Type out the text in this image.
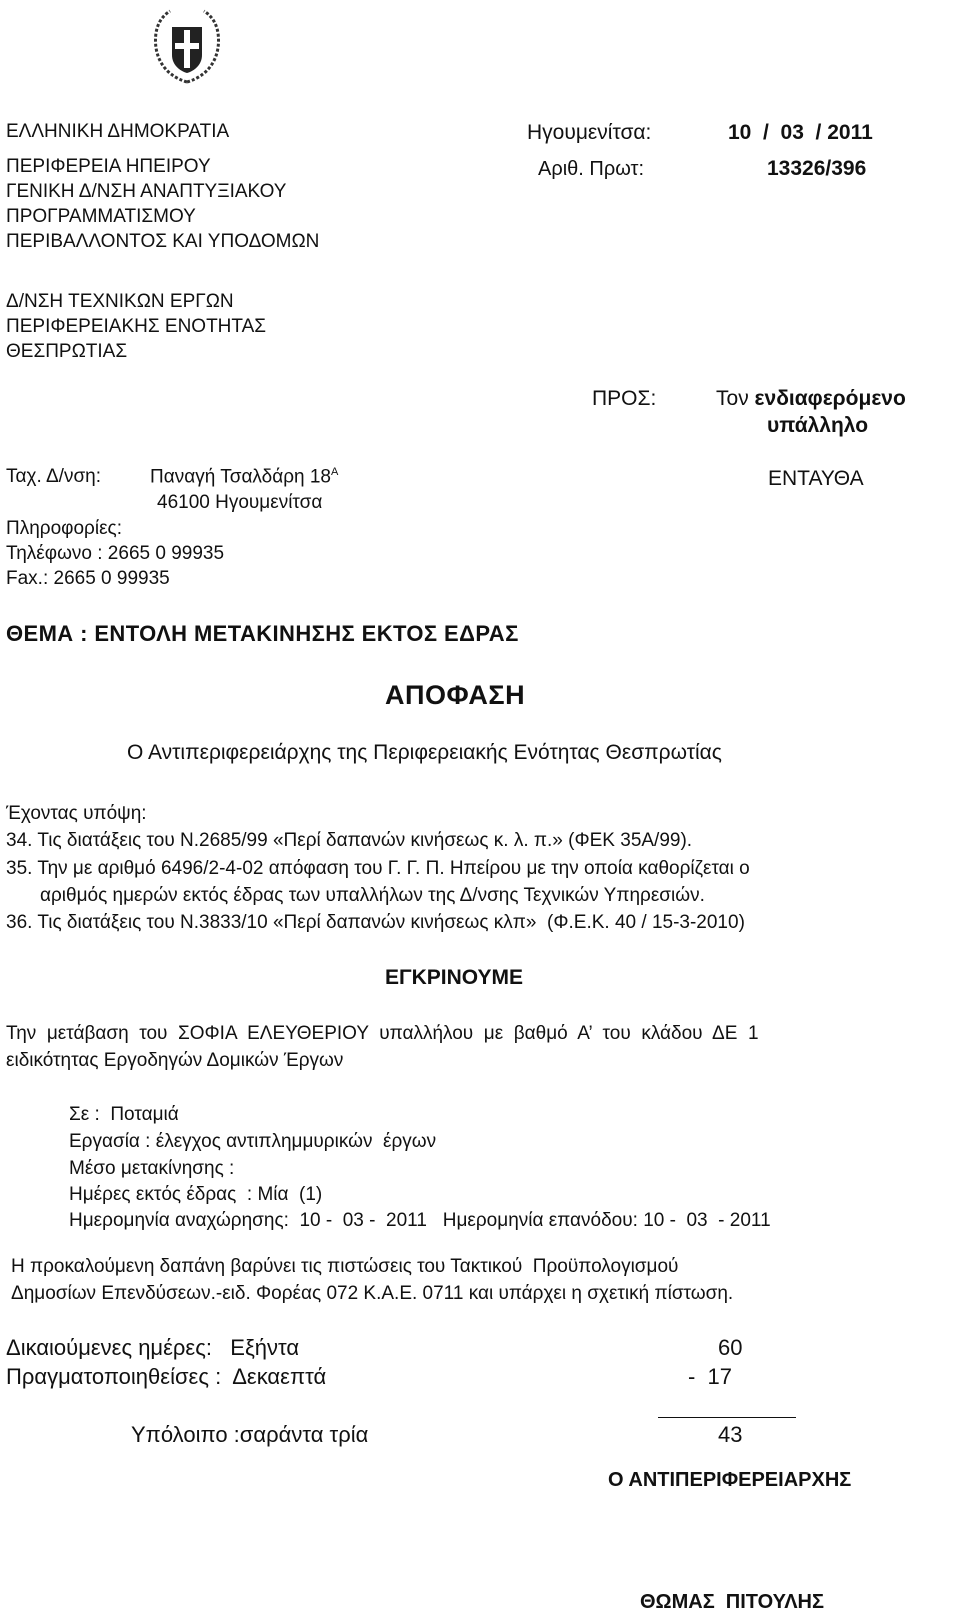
ΕΛΛΗΝΙΚΗ ΔΗΜΟΚΡΑΤΙΑ
ΠΕΡΙΦΕΡΕΙΑ ΗΠΕΙΡΟΥ
ΓΕΝΙΚΗ Δ/ΝΣΗ ΑΝΑΠΤΥΞΙΑΚΟΥ
ΠΡΟΓΡΑΜΜΑΤΙΣΜΟΥ
ΠΕΡΙΒΑΛΛΟΝΤΟΣ ΚΑΙ ΥΠΟΔΟΜΩΝ
Δ/ΝΣΗ ΤΕΧΝΙΚΩΝ ΕΡΓΩΝ
ΠΕΡΙΦΕΡΕΙΑΚΗΣ ΕΝΟΤΗΤΑΣ
ΘΕΣΠΡΩΤΙΑΣ
Ηγουμενίτσα:	10  /  03  / 2011
Αριθ. Πρωτ:	13326/396
ΠΡΟΣ:	Τον ενδιαφερόμενο
υπάλληλο
ΕΝΤΑΥΘΑ
Ταχ. Δ/νση:	Παναγή Τσαλδάρη $18^A$
46100 Ηγουμενίτσα
Πληροφορίες:
Τηλέφωνο : 2665 0 99935
Fax.: 2665 0 99935
ΘΕΜΑ : ΕΝΤΟΛΗ ΜΕΤΑΚΙΝΗΣΗΣ ΕΚΤΟΣ ΕΔΡΑΣ
ΑΠΟΦΑΣΗ
Ο Αντιπεριφερειάρχης της Περιφερειακής Ενότητας Θεσπρωτίας
Έχοντας υπόψη:
34. Τις διατάξεις του Ν.2685/99 «Περί δαπανών κινήσεως κ. λ. π.» (ΦΕΚ 35Α/99).
35. Την με αριθμό 6496/2-4-02 απόφαση του Γ. Γ. Π. Ηπείρου με την οποία καθορίζεται ο
αριθμός ημερών εκτός έδρας των υπαλλήλων της Δ/νσης Τεχνικών Υπηρεσιών.
36. Τις διατάξεις του Ν.3833/10 «Περί δαπανών κινήσεως κλπ»  (Φ.Ε.Κ. 40 / 15-3-2010)
ΕΓΚΡΙΝΟΥΜΕ
Την  μετάβαση  του  ΣΟΦΙΑ  ΕΛΕΥΘΕΡΙΟΥ  υπαλλήλου  με  βαθμό  Α’  του  κλάδου  ΔΕ  1
ειδικότητας Εργοδηγών Δομικών Έργων
Σε :  Ποταμιά
Εργασία : έλεγχος αντιπλημμυρικών  έργων
Μέσο μετακίνησης :
Ημέρες εκτός έδρας  : Μία  (1)
Ημερομηνία αναχώρησης:  10 -  03 -  2011   Ημερομηνία επανόδου: 10 -  03  - 2011
Η προκαλούμενη δαπάνη βαρύνει τις πιστώσεις του Τακτικού  Προϋπολογισμού
Δημοσίων Επενδύσεων.-ειδ. Φορέας 072 Κ.Α.Ε. 0711 και υπάρχει η σχετική πίστωση.
Δικαιούμενες ημέρες:   Εξήντα	60
Πραγματοποιηθείσες :  Δεκαεπτά	-  17
Υπόλοιπο :σαράντα τρία	43
Ο ΑΝΤΙΠΕΡΙΦΕΡΕΙΑΡΧΗΣ
ΘΩΜΑΣ  ΠΙΤΟΥΛΗΣ
